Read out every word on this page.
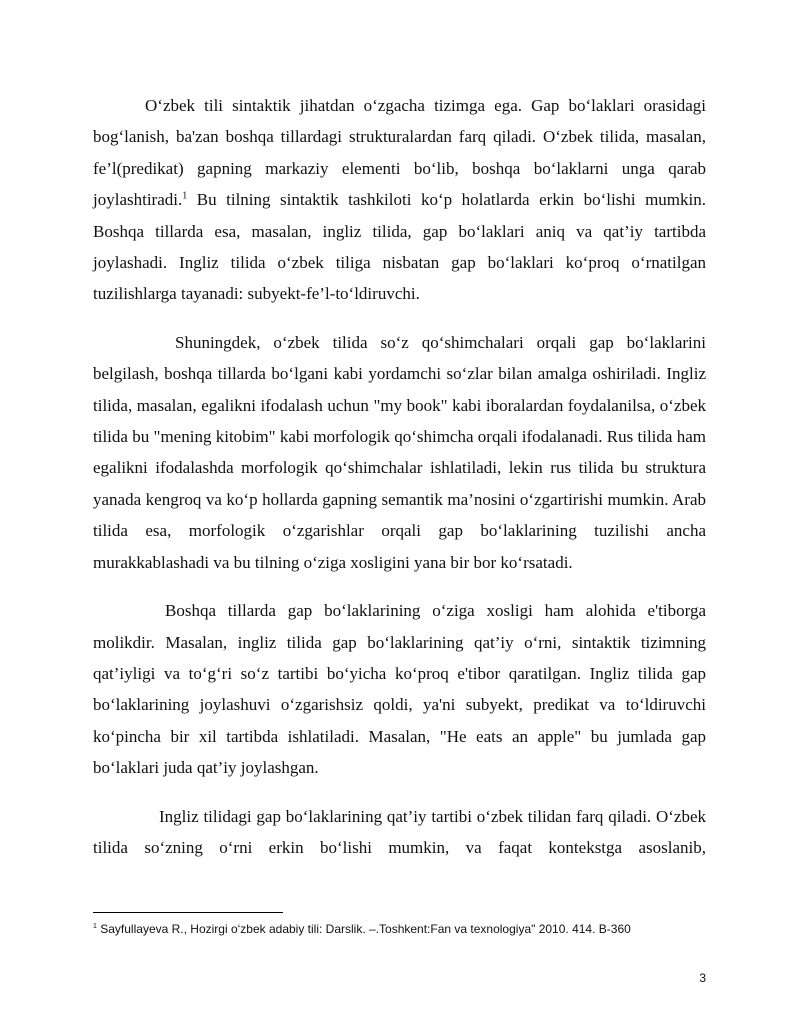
O‘zbek tili sintaktik jihatdan o‘zgacha tizimga ega. Gap bo‘laklari orasidagi bog‘lanish, ba'zan boshqa tillardagi strukturalardan farq qiladi. O‘zbek tilida, masalan, fe’l(predikat) gapning markaziy elementi bo‘lib, boshqa bo‘laklarni unga qarab joylashtiradi.$^1$ Bu tilning sintaktik tashkiloti ko‘p holatlarda erkin bo‘lishi mumkin. Boshqa tillarda esa, masalan, ingliz tilida, gap bo‘laklari aniq va qat’iy tartibda joylashadi. Ingliz tilida o‘zbek tiliga nisbatan gap bo‘laklari ko‘proq o‘rnatilgan tuzilishlarga tayanadi: subyekt-fe’l-to‘ldiruvchi.

Shuningdek, o‘zbek tilida so‘z qo‘shimchalari orqali gap bo‘laklarini belgilash, boshqa tillarda bo‘lgani kabi yordamchi so‘zlar bilan amalga oshiriladi. Ingliz tilida, masalan, egalikni ifodalash uchun "my book" kabi iboralardan foydalanilsa, o‘zbek tilida bu "mening kitobim" kabi morfologik qo‘shimcha orqali ifodalanadi. Rus tilida ham egalikni ifodalashda morfologik qo‘shimchalar ishlatiladi, lekin rus tilida bu struktura yanada kengroq va ko‘p hollarda gapning semantik ma’nosini o‘zgartirishi mumkin. Arab tilida esa, morfologik o‘zgarishlar orqali gap bo‘laklarining tuzilishi ancha murakkablashadi va bu tilning o‘ziga xosligini yana bir bor ko‘rsatadi.

Boshqa tillarda gap bo‘laklarining o‘ziga xosligi ham alohida e'tiborga molikdir. Masalan, ingliz tilida gap bo‘laklarining qat’iy o‘rni, sintaktik tizimning qat’iyligi va to‘g‘ri so‘z tartibi bo‘yicha ko‘proq e'tibor qaratilgan. Ingliz tilida gap bo‘laklarining joylashuvi o‘zgarishsiz qoldi, ya'ni subyekt, predikat va to‘ldiruvchi ko‘pincha bir xil tartibda ishlatiladi. Masalan, "He eats an apple" bu jumlada gap bo‘laklari juda qat’iy joylashgan.

Ingliz tilidagi gap bo‘laklarining qat’iy tartibi o‘zbek tilidan farq qiladi. O‘zbek tilida so‘zning o‘rni erkin bo‘lishi mumkin, va faqat kontekstga asoslanib,

$^1$ Sayfullayeva R., Hozirgi o‘zbek adabiy tili: Darslik. –.Toshkent:Fan va texnologiya" 2010. 414. B-360
3
